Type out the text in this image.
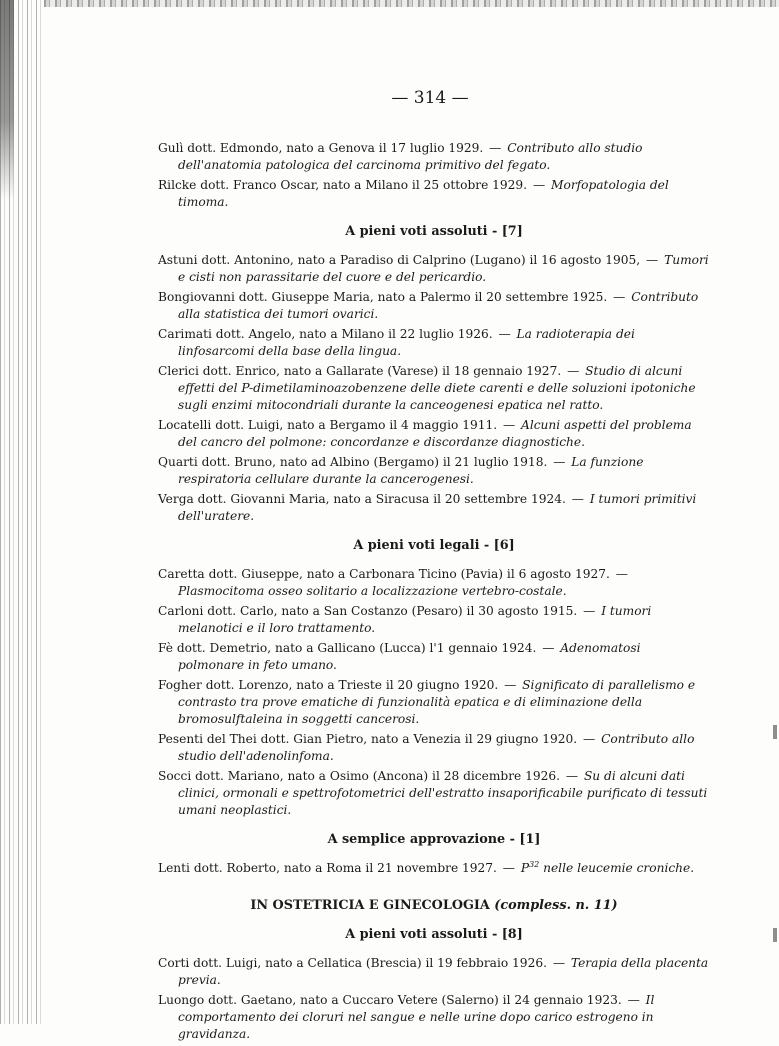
— 314 —

Gulì dott. Edmondo, nato a Genova il 17 luglio 1929. — Contributo allo studio dell'anatomia patologica del carcinoma primitivo del fegato.

Rilcke dott. Franco Oscar, nato a Milano il 25 ottobre 1929. — Morfopatologia del timoma.

A pieni voti assoluti - [7]

Astuni dott. Antonino, nato a Paradiso di Calprino (Lugano) il 16 agosto 1905, — Tumori e cisti non parassitarie del cuore e del pericardio.

Bongiovanni dott. Giuseppe Maria, nato a Palermo il 20 settembre 1925. — Contributo alla statistica dei tumori ovarici.

Carimati dott. Angelo, nato a Milano il 22 luglio 1926. — La radioterapia dei linfosarcomi della base della lingua.

Clerici dott. Enrico, nato a Gallarate (Varese) il 18 gennaio 1927. — Studio di alcuni effetti del P-dimetilaminoazobenzene delle diete carenti e delle soluzioni ipotoniche sugli enzimi mitocondriali durante la canceogenesi epatica nel ratto.

Locatelli dott. Luigi, nato a Bergamo il 4 maggio 1911. — Alcuni aspetti del problema del cancro del polmone: concordanze e discordanze diagnostiche.

Quarti dott. Bruno, nato ad Albino (Bergamo) il 21 luglio 1918. — La funzione respiratoria cellulare durante la cancerogenesi.

Verga dott. Giovanni Maria, nato a Siracusa il 20 settembre 1924. — I tumori primitivi dell'uratere.

A pieni voti legali - [6]

Caretta dott. Giuseppe, nato a Carbonara Ticino (Pavia) il 6 agosto 1927. — Plasmocitoma osseo solitario a localizzazione vertebro-costale.

Carloni dott. Carlo, nato a San Costanzo (Pesaro) il 30 agosto 1915. — I tumori melanotici e il loro trattamento.

Fè dott. Demetrio, nato a Gallicano (Lucca) l'1 gennaio 1924. — Adenomatosi polmonare in feto umano.

Fogher dott. Lorenzo, nato a Trieste il 20 giugno 1920. — Significato di parallelismo e contrasto tra prove ematiche di funzionalità epatica e di eliminazione della bromosulftaleina in soggetti cancerosi.

Pesenti del Thei dott. Gian Pietro, nato a Venezia il 29 giugno 1920. — Contributo allo studio dell'adenolinfoma.

Socci dott. Mariano, nato a Osimo (Ancona) il 28 dicembre 1926. — Su di alcuni dati clinici, ormonali e spettrofotometrici dell'estratto insaporificabile purificato di tessuti umani neoplastici.

A semplice approvazione - [1]

Lenti dott. Roberto, nato a Roma il 21 novembre 1927. — $P^{32}$ nelle leucemie croniche.

IN OSTETRICIA E GINECOLOGIA (compless. n. 11)
A pieni voti assoluti - [8]

Corti dott. Luigi, nato a Cellatica (Brescia) il 19 febbraio 1926. — Terapia della placenta previa.

Luongo dott. Gaetano, nato a Cuccaro Vetere (Salerno) il 24 gennaio 1923. — Il comportamento dei cloruri nel sangue e nelle urine dopo carico estrogeno in gravidanza.
